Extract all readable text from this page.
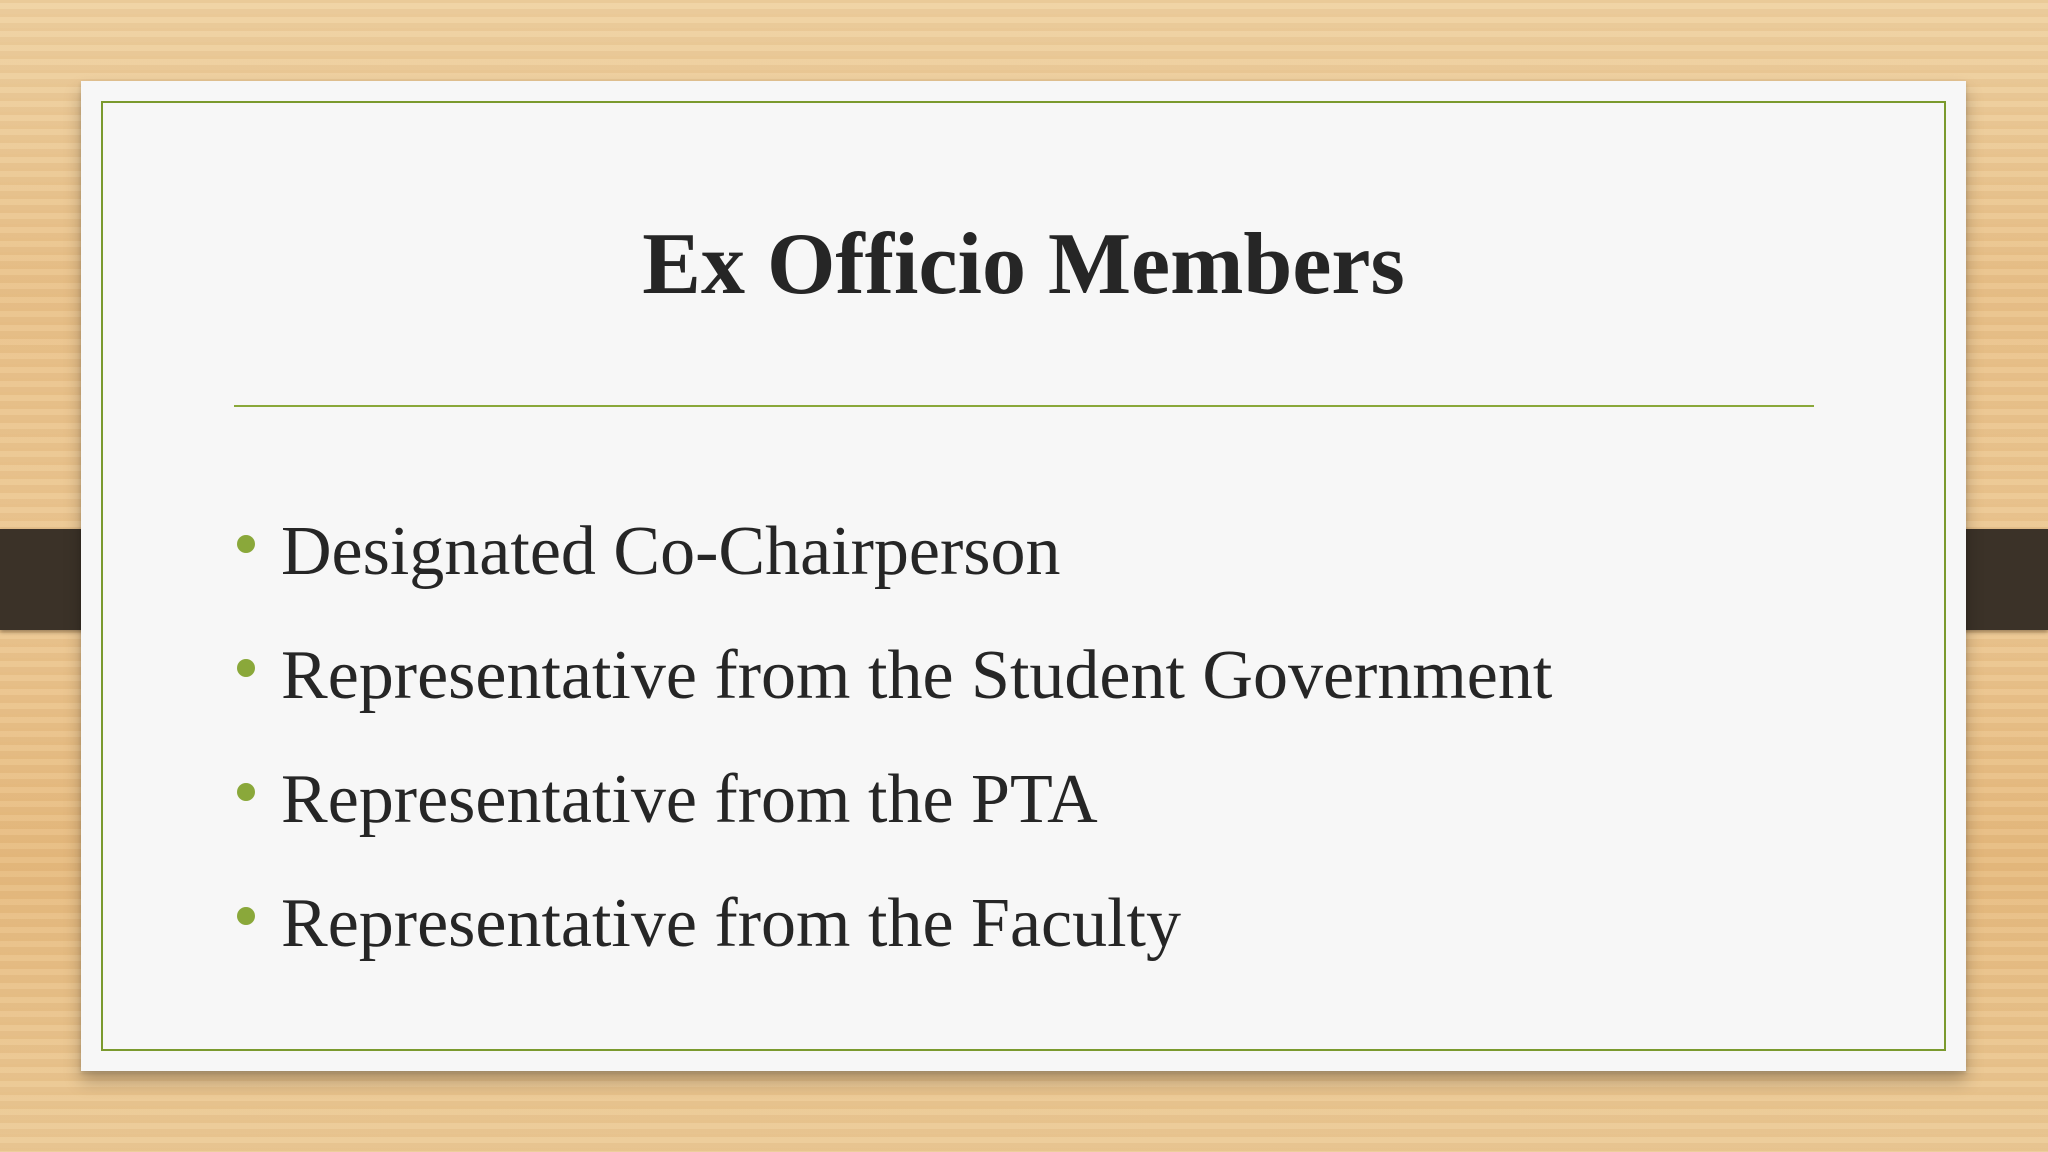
Ex Officio Members
Designated Co-Chairperson
Representative from the Student Government
Representative from the PTA
Representative from the Faculty
